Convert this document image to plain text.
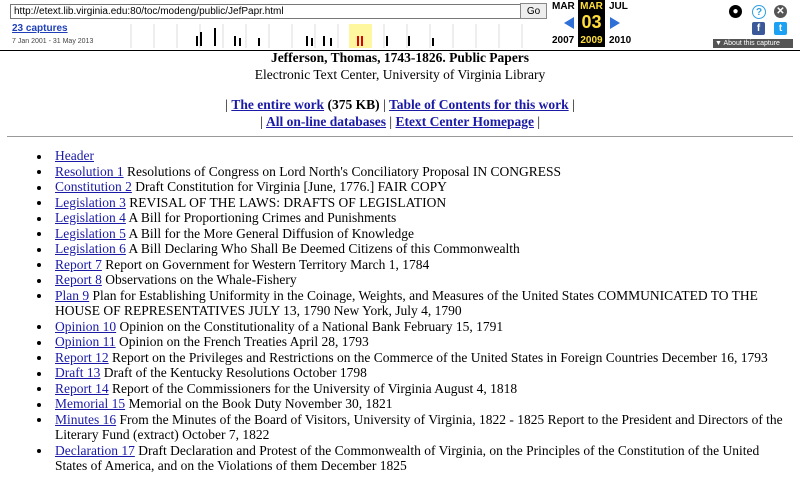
http://etext.lib.virginia.edu:80/toc/modeng/public/JefPapr.html
Go
23 captures
7 Jan 2001 - 31 May 2013
MAR
2007
MAR
03
2009
JUL
2010
●	?	✕
f	t
▼ About this capture
Jefferson, Thomas, 1743-1826. Public Papers
Electronic Text Center, University of Virginia Library
| The entire work (375 KB) | Table of Contents for this work |
| All on-line databases | Etext Center Homepage |
Header
Resolution 1 Resolutions of Congress on Lord North's Conciliatory Proposal IN CONGRESS
Constitution 2 Draft Constitution for Virginia [June, 1776.] FAIR COPY
Legislation 3 REVISAL OF THE LAWS: DRAFTS OF LEGISLATION
Legislation 4 A Bill for Proportioning Crimes and Punishments
Legislation 5 A Bill for the More General Diffusion of Knowledge
Legislation 6 A Bill Declaring Who Shall Be Deemed Citizens of this Commonwealth
Report 7 Report on Government for Western Territory March 1, 1784
Report 8 Observations on the Whale-Fishery
Plan 9 Plan for Establishing Uniformity in the Coinage, Weights, and Measures of the United States COMMUNICATED TO THE HOUSE OF REPRESENTATIVES JULY 13, 1790 New York, July 4, 1790
Opinion 10 Opinion on the Constitutionality of a National Bank February 15, 1791
Opinion 11 Opinion on the French Treaties April 28, 1793
Report 12 Report on the Privileges and Restrictions on the Commerce of the United States in Foreign Countries December 16, 1793
Draft 13 Draft of the Kentucky Resolutions October 1798
Report 14 Report of the Commissioners for the University of Virginia August 4, 1818
Memorial 15 Memorial on the Book Duty November 30, 1821
Minutes 16 From the Minutes of the Board of Visitors, University of Virginia, 1822 - 1825 Report to the President and Directors of the Literary Fund (extract) October 7, 1822
Declaration 17 Draft Declaration and Protest of the Commonwealth of Virginia, on the Principles of the Constitution of the United States of America, and on the Violations of them December 1825
